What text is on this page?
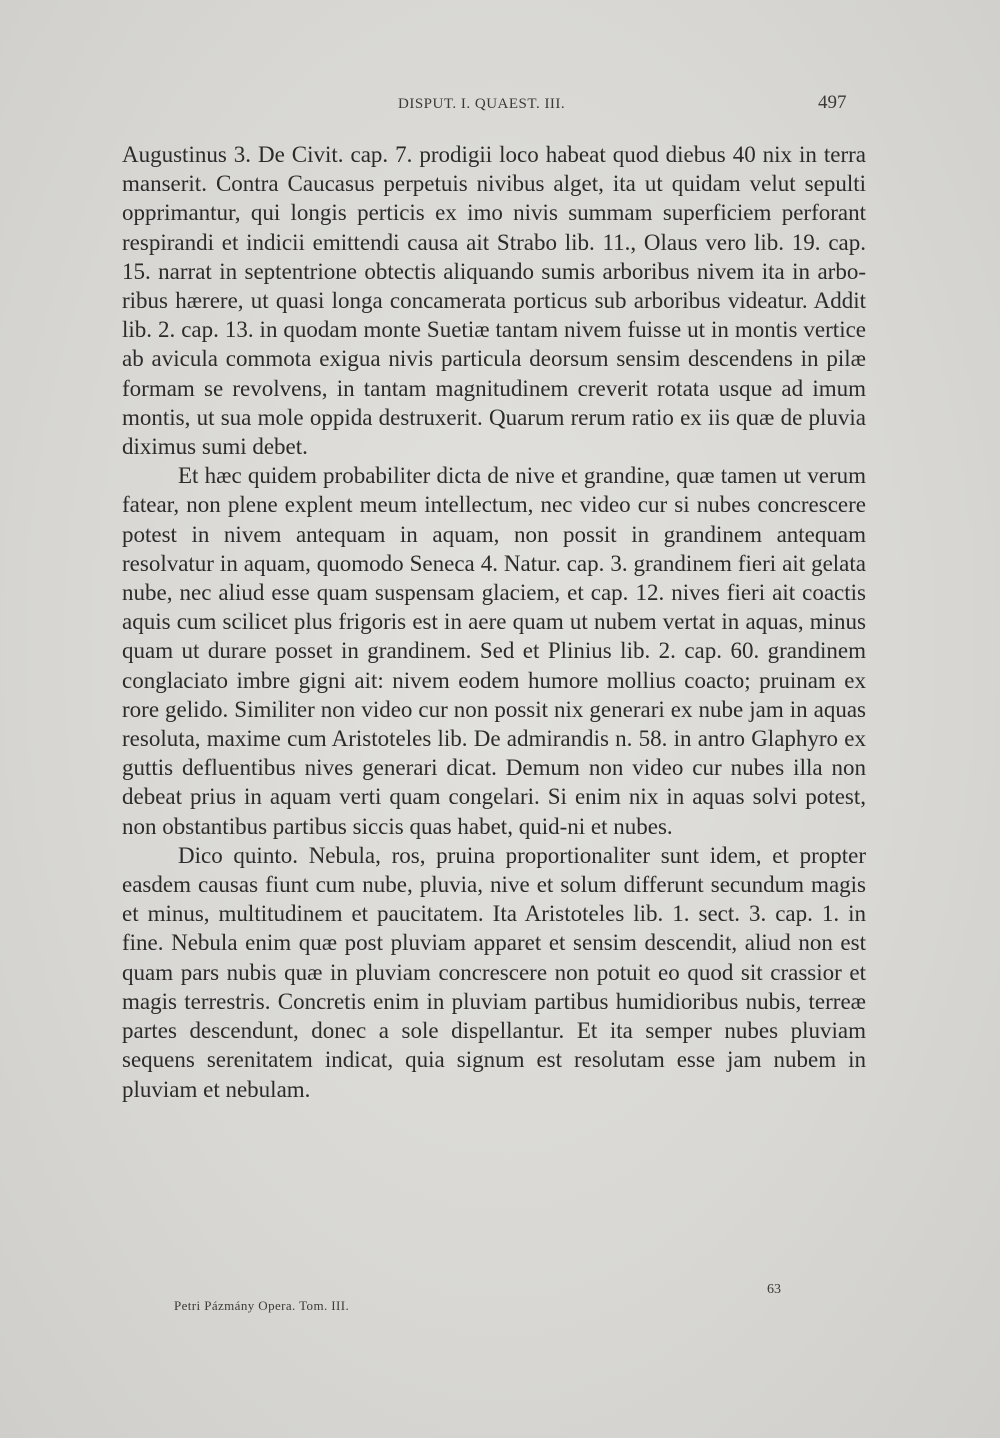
DISPUT. I. QUAEST. III.	497

Augustinus 3. De Civit. cap. 7. prodigii loco habeat quod diebus 40 nix in terra manserit. Contra Caucasus perpetuis nivibus alget, ita ut quidam velut sepulti opprimantur, qui longis perticis ex imo nivis summam superficiem perforant respirandi et indicii emittendi causa ait Strabo lib. 11., Olaus vero lib. 19. cap. 15. narrat in septentrione obtectis aliquando sumis arboribus nivem ita in arboribus hærere, ut quasi longa concamerata porticus sub arboribus videatur. Addit lib. 2. cap. 13. in quodam monte Suetiæ tantam nivem fuisse ut in montis vertice ab avicula commota exigua nivis particula deorsum sensim descendens in pilæ formam se revolvens, in tantam magnitudinem creverit rotata usque ad imum montis, ut sua mole oppida destruxerit. Quarum rerum ratio ex iis quæ de pluvia diximus sumi debet.

Et hæc quidem probabiliter dicta de nive et grandine, quæ tamen ut verum fatear, non plene explent meum intellectum, nec video cur si nubes concrescere potest in nivem antequam in aquam, non possit in grandinem antequam resolvatur in aquam, quomodo Seneca 4. Natur. cap. 3. grandinem fieri ait gelata nube, nec aliud esse quam suspensam glaciem, et cap. 12. nives fieri ait coactis aquis cum scilicet plus frigoris est in aere quam ut nubem vertat in aquas, minus quam ut durare posset in grandinem. Sed et Plinius lib. 2. cap. 60. grandinem conglaciato imbre gigni ait: nivem eodem humore mollius coacto; pruinam ex rore gelido. Similiter non video cur non possit nix generari ex nube jam in aquas resoluta, maxime cum Aristoteles lib. De admirandis n. 58. in antro Glaphyro ex guttis defluentibus nives generari dicat. Demum non video cur nubes illa non debeat prius in aquam verti quam congelari. Si enim nix in aquas solvi potest, non obstantibus partibus siccis quas habet, quid-ni et nubes.

Dico quinto. Nebula, ros, pruina proportionaliter sunt idem, et propter easdem causas fiunt cum nube, pluvia, nive et solum differunt secundum magis et minus, multitudinem et paucitatem. Ita Aristoteles lib. 1. sect. 3. cap. 1. in fine. Nebula enim quæ post pluviam apparet et sensim descendit, aliud non est quam pars nubis quæ in pluviam concrescere non potuit eo quod sit crassior et magis terrestris. Concretis enim in pluviam partibus humidioribus nubis, terreæ partes descendunt, donec a sole dispellantur. Et ita semper nubes pluviam sequens serenitatem indicat, quia signum est resolutam esse jam nubem in pluviam et nebulam.

63
Petri Pázmány Opera. Tom. III.
